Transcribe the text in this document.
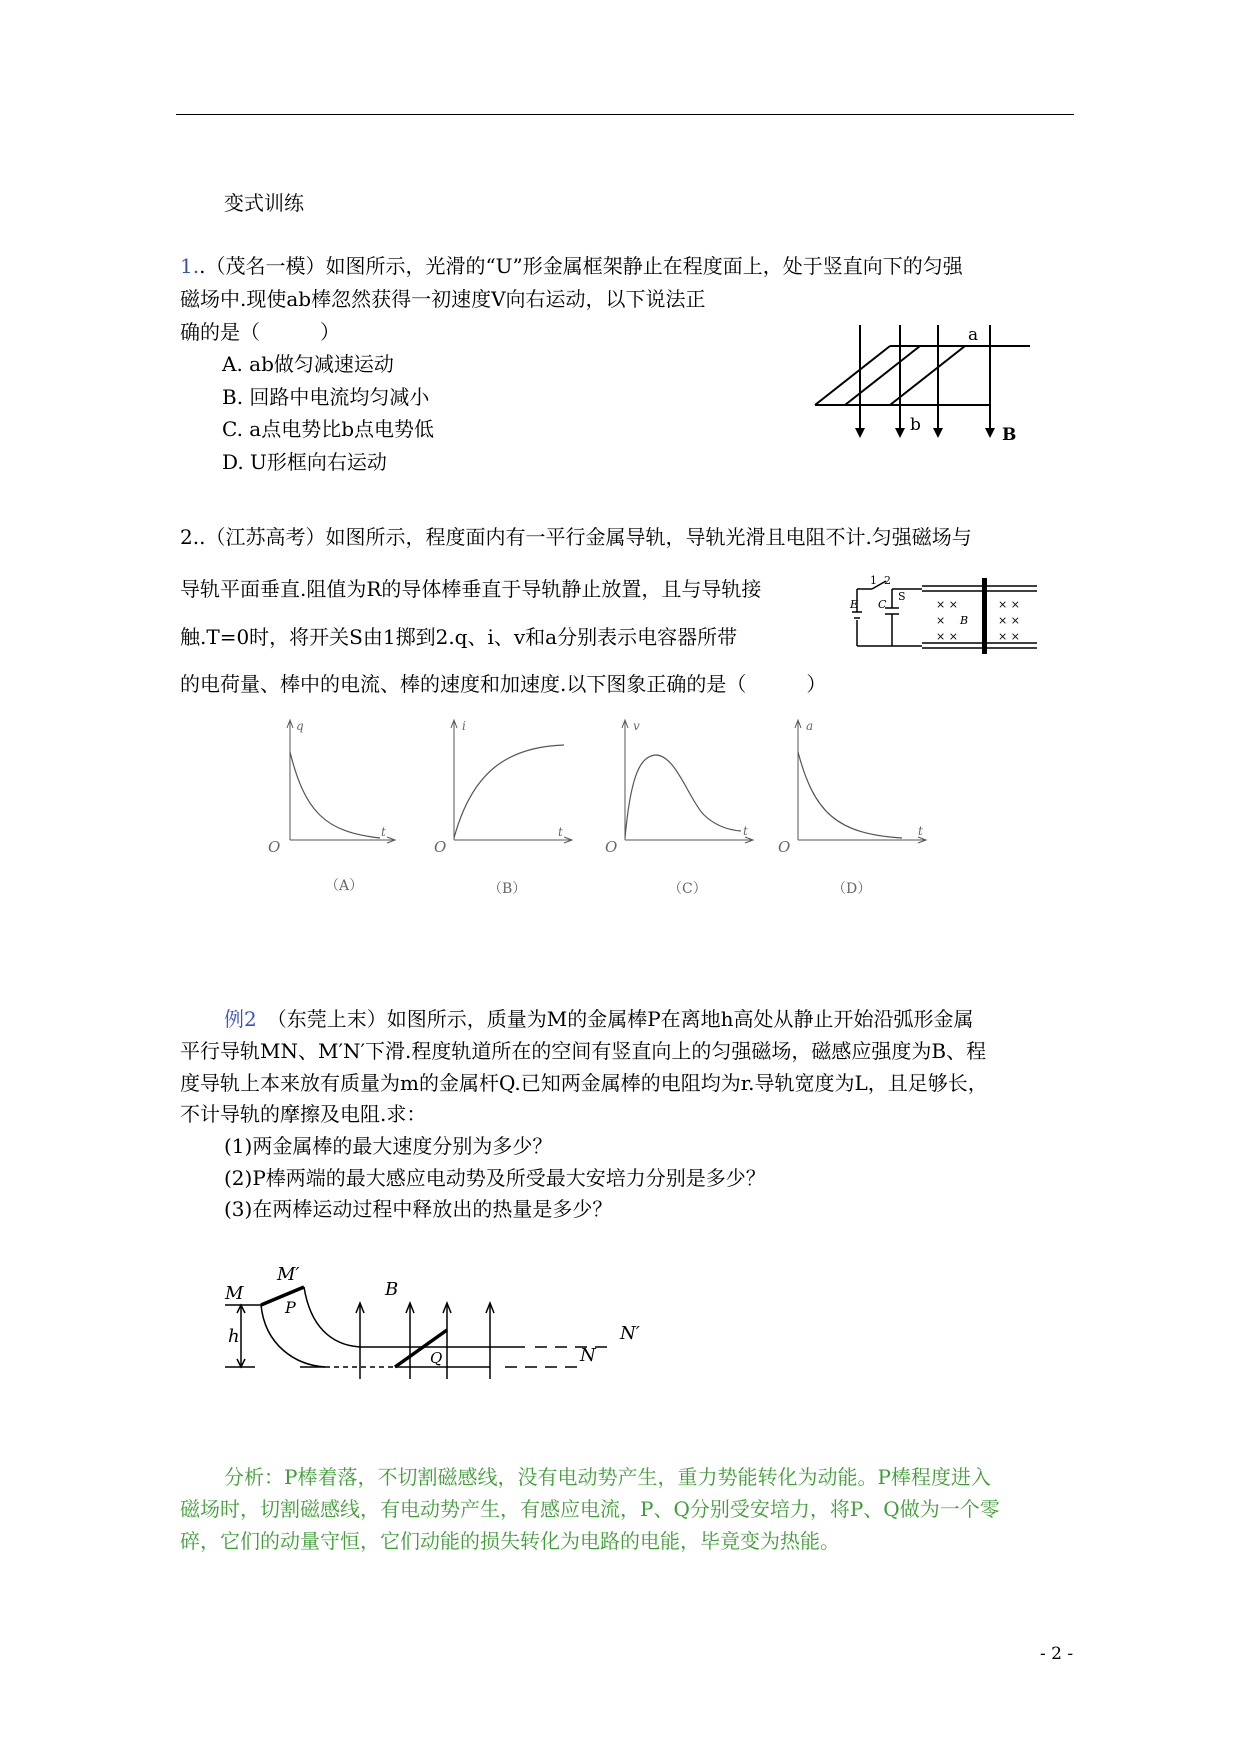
变式训练
1..（茂名一模）如图所示，光滑的“U”形金属框架静止在程度面上，处于竖直向下的匀强
磁场中.现使ab棒忽然获得一初速度V向右运动，以下说法正
确的是（　　　）
A. ab做匀减速运动
B. 回路中电流均匀减小
C. a点电势比b点电势低
D. U形框向右运动
a
b	B
2..（江苏高考）如图所示，程度面内有一平行金属导轨，导轨光滑且电阻不计.匀强磁场与
导轨平面垂直.阻值为R的导体棒垂直于导轨静止放置，且与导轨接
触.T=0时，将开关S由1掷到2.q、i、v和a分别表示电容器所带
的电荷量、棒中的电流、棒的速度和加速度.以下图象正确的是（　　　）
× ×	× ×
×	× ×
× ×	× ×
1 2
S
E C
B
q
t
O
（A）
i
t
O
（B）
v
t
O
（C）
a
t
O
（D）
例2　 （东莞上末）如图所示，质量为M的金属棒P在离地h高处从静止开始沿弧形金属
平行导轨MN、M′N′下滑.程度轨道所在的空间有竖直向上的匀强磁场，磁感应强度为B、程
度导轨上本来放有质量为m的金属杆Q.已知两金属棒的电阻均为r.导轨宽度为L，且足够长，
不计导轨的摩擦及电阻.求：
(1)两金属棒的最大速度分别为多少？
(2)P棒两端的最大感应电动势及所受最大安培力分别是多少？
(3)在两棒运动过程中释放出的热量是多少？
M′
M
P
h
B
Q
N′
N
分析：P棒着落，不切割磁感线，没有电动势产生，重力势能转化为动能。P棒程度进入
磁场时，切割磁感线，有电动势产生，有感应电流，P、Q分别受安培力，将P、Q做为一个零
碎，它们的动量守恒，它们动能的损失转化为电路的电能，毕竟变为热能。
- 2 -
